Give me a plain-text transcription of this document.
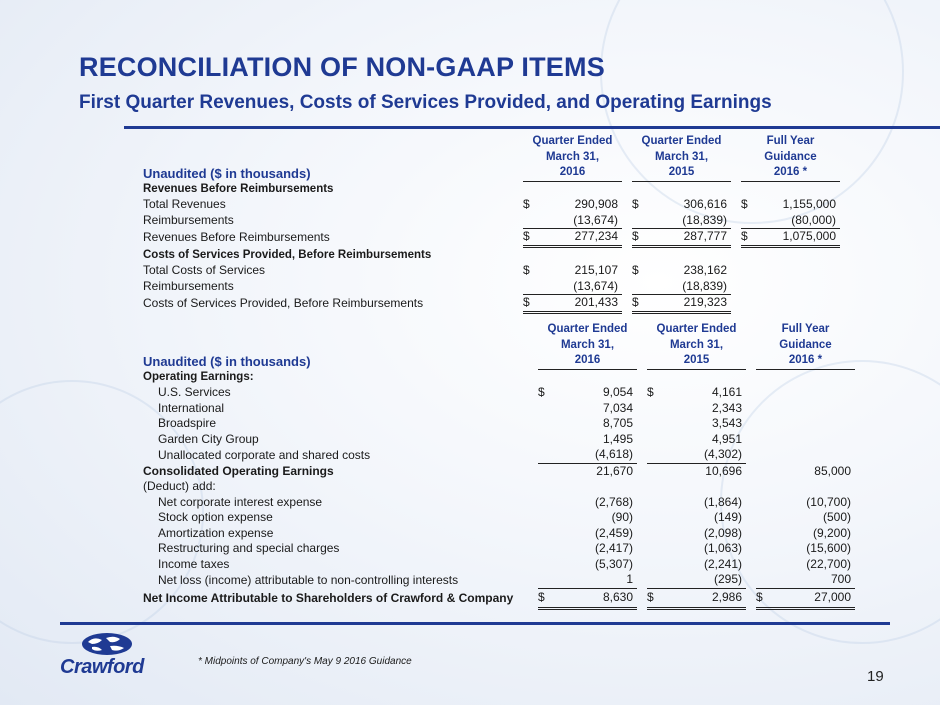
RECONCILIATION OF NON-GAAP ITEMS
First Quarter Revenues, Costs of Services Provided, and Operating Earnings
		Quarter Ended			Quarter Ended			Full Year	
		March 31,			March 31,			Guidance	
Unaudited ($ in thousands)		2016			2015			2016 *	
Revenues Before Reimbursements									
Total Revenues		$	290,908		$	306,616		$	1,155,000
Reimbursements			(13,674)			(18,839)			(80,000)
Revenues Before Reimbursements		$	277,234		$	287,777		$	1,075,000
Costs of Services Provided, Before Reimbursements									
Total Costs of Services		$	215,107		$	238,162			
Reimbursements			(13,674)			(18,839)			
Costs of Services Provided, Before Reimbursements		$	201,433		$	219,323			
		Quarter Ended			Quarter Ended			Full Year	
		March 31,			March 31,			Guidance	
Unaudited ($ in thousands)		2016			2015			2016 *	
Operating Earnings:									
U.S. Services		$	9,054		$	4,161			
International			7,034			2,343			
Broadspire			8,705			3,543			
Garden City Group			1,495			4,951			
Unallocated corporate and shared costs			(4,618)			(4,302)			
Consolidated Operating Earnings			21,670			10,696			85,000
(Deduct) add:									
Net corporate interest expense			(2,768)			(1,864)			(10,700)
Stock option expense			(90)			(149)			(500)
Amortization expense			(2,459)			(2,098)			(9,200)
Restructuring and special charges			(2,417)			(1,063)			(15,600)
Income taxes			(5,307)			(2,241)			(22,700)
Net loss (income) attributable to non-controlling interests			1			(295)			700
Net Income Attributable to Shareholders of Crawford & Company		$	8,630		$	2,986		$	27,000
Crawford	* Midpoints of Company's May 9 2016 Guidance
19
